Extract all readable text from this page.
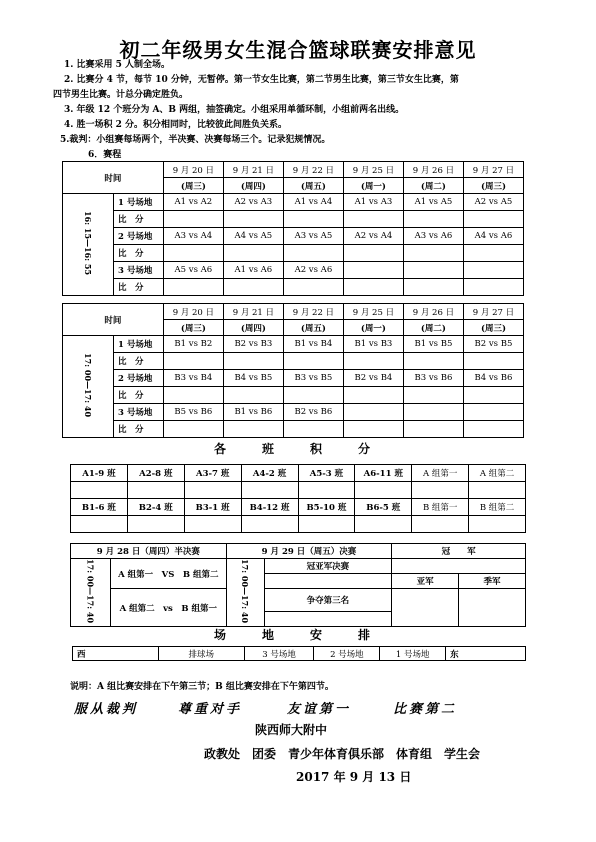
初二年级男女生混合篮球联赛安排意见
1. 比赛采用 5 人制全场。
2. 比赛分 4 节，每节 10 分钟，无暂停。第一节女生比赛，第二节男生比赛，第三节女生比赛，第
四节男生比赛。计总分确定胜负。
3. 年级 12 个班分为 A、B 两组，抽签确定。小组采用单循环制，小组前两名出线。
4. 胜一场积 2 分。积分相同时，比较彼此间胜负关系。
5.裁判：小组赛每场两个，半决赛、决赛每场三个。记录犯规情况。
6．赛程
时间		9 月 20 日	9 月 21 日	9 月 22 日	9 月 25 日	9 月 26 日	9 月 27 日
		(周三)	(周四)	(周五)	(周一)	(周二)	(周三)
16: 15—16: 55	1 号场地	A1 vs A2	A2 vs A3	A1 vs A4	A1 vs A3	A1 vs A5	A2 vs A5
	比　分						
	2 号场地	A3 vs A4	A4 vs A5	A3 vs A5	A2 vs A4	A3 vs A6	A4 vs A6
	比　分						
	3 号场地	A5 vs A6	A1 vs A6	A2 vs A6			
	比　分						
时间		9 月 20 日	9 月 21 日	9 月 22 日	9 月 25 日	9 月 26 日	9 月 27 日
		(周三)	(周四)	(周五)	(周一)	(周二)	(周三)
17: 00—17: 40	1 号场地	B1 vs B2	B2 vs B3	B1 vs B4	B1 vs B3	B1 vs B5	B2 vs B5
	比　分						
	2 号场地	B3 vs B4	B4 vs B5	B3 vs B5	B2 vs B4	B3 vs B6	B4 vs B6
	比　分						
	3 号场地	B5 vs B6	B1 vs B6	B2 vs B6			
	比　分						
各　班　积　分
A1-9 班	A2-8 班	A3-7 班	A4-2 班	A5-3 班	A6-11 班	A 组第一	A 组第二

B1-6 班	B2-4 班	B3-1 班	B4-12 班	B5-10 班	B6-5 班	B 组第一	B 组第二

9 月 28 日（周四）半决赛		9 月 29 日（周五）决赛		冠　　军	
17: 00—17: 40	A 组第一　VS　B 组第二	17: 00—17: 40	冠亚军决赛		
				亚军	季军
	A 组第二　vs　B 组第一		争夺第三名		

场　地　安　排
西	排球场	3 号场地	2 号场地	1 号场地	东
说明：A 组比赛安排在下午第三节；B 组比赛安排在下午第四节。
服从裁判	尊重对手	友谊第一	比赛第二
陕西师大附中
政教处　团委　青少年体育俱乐部　体育组　学生会
2017 年 9 月 13 日
